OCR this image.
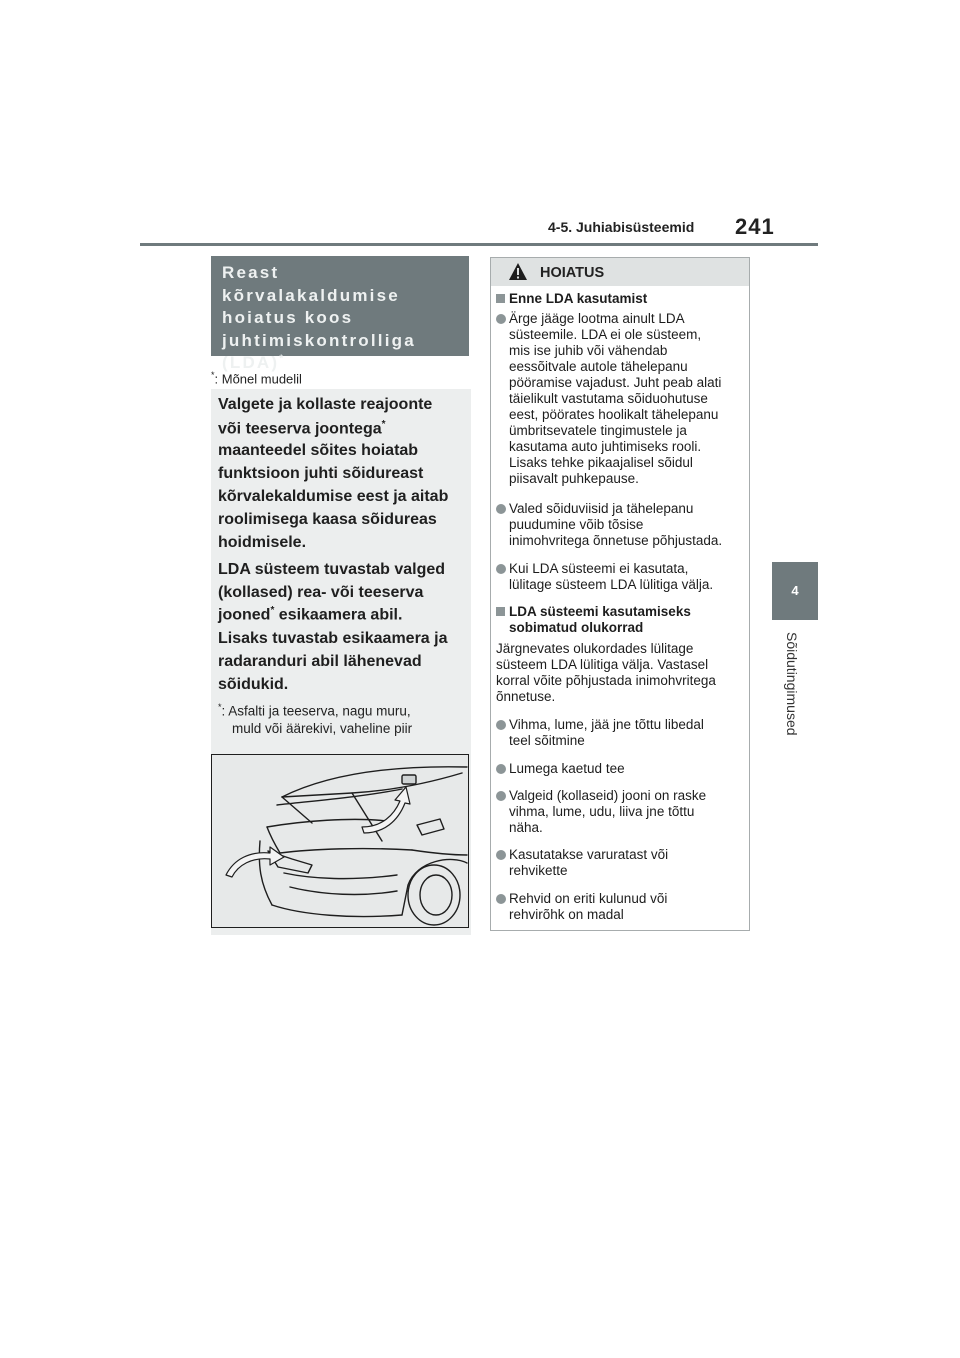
4-5. Juhiabisüsteemid 241
4
Sõidutingimused
Reast kõrvalakaldumise
hoiatus koos
juhtimiskontrolliga
(LDA)*
*: Mõnel mudelil
Valgete ja kollaste reajoonte
või teeserva joontega*
maanteedel sõites hoiatab
funktsioon juhti sõidureast
kõrvalekaldumise eest ja aitab
roolimisega kaasa sõidureas
hoidmisele.
LDA süsteem tuvastab valged
(kollased) rea- või teeserva
jooned* esikaamera abil.
Lisaks tuvastab esikaamera ja
radaranduri abil lähenevad
sõidukid.
*: Asfalti ja teeserva, nagu muru,
muld või äärekivi, vaheline piir
HOIATUS
Enne LDA kasutamist
Ärge jääge lootma ainult LDA
süsteemile. LDA ei ole süsteem,
mis ise juhib või vähendab
eessõitvale autole tähelepanu
pööramise vajadust. Juht peab alati
täielikult vastutama sõiduohutuse
eest, pöörates hoolikalt tähelepanu
ümbritsevatele tingimustele ja
kasutama auto juhtimiseks rooli.
Lisaks tehke pikaajalisel sõidul
piisavalt puhkepause.
Valed sõiduviisid ja tähelepanu
puudumine võib tõsise
inimohvritega õnnetuse põhjustada.
Kui LDA süsteemi ei kasutata,
lülitage süsteem LDA lülitiga välja.
LDA süsteemi kasutamiseks
sobimatud olukorrad
Järgnevates olukordades lülitage
süsteem LDA lülitiga välja. Vastasel
korral võite põhjustada inimohvritega
õnnetuse.
Vihma, lume, jää jne tõttu libedal
teel sõitmine
Lumega kaetud tee
Valgeid (kollaseid) jooni on raske
vihma, lume, udu, liiva jne tõttu
näha.
Kasutatakse varuratast või
rehvikette
Rehvid on eriti kulunud või
rehvirõhk on madal
